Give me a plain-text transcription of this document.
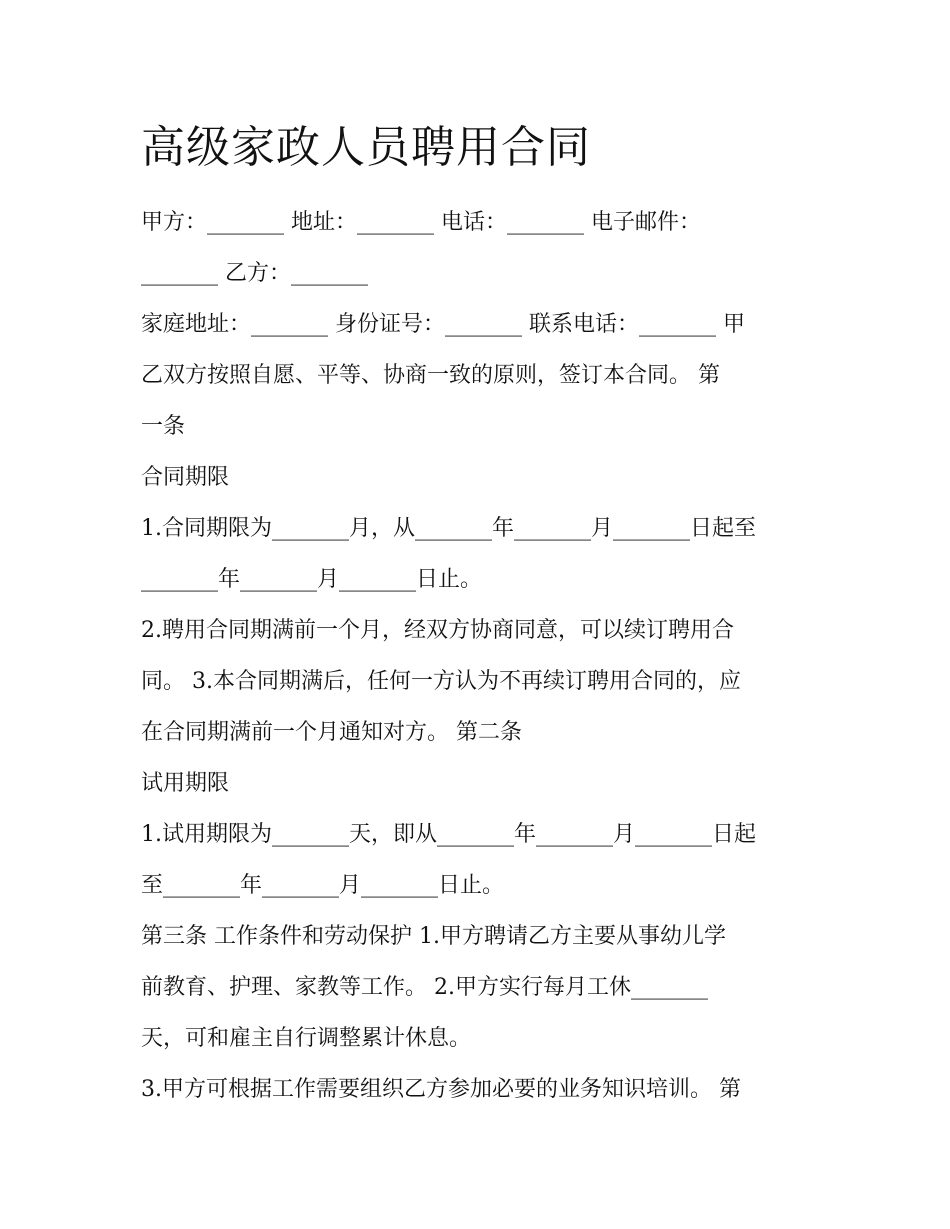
高级家政人员聘用合同
甲方：_______ 地址：_______ 电话：_______ 电子邮件：
_______ 乙方：_______
家庭地址：_______ 身份证号：_______ 联系电话：_______ 甲
乙双方按照自愿、平等、协商一致的原则，签订本合同。 第
一条
合同期限
1.合同期限为_______月，从_______年_______月_______日起至
_______年_______月_______日止。
2.聘用合同期满前一个月，经双方协商同意，可以续订聘用合
同。 3.本合同期满后，任何一方认为不再续订聘用合同的，应
在合同期满前一个月通知对方。 第二条
试用期限
1.试用期限为_______天，即从_______年_______月_______日起
至_______年_______月_______日止。
第三条 工作条件和劳动保护 1.甲方聘请乙方主要从事幼儿学
前教育、护理、家教等工作。 2.甲方实行每月工休_______
天，可和雇主自行调整累计休息。
3.甲方可根据工作需要组织乙方参加必要的业务知识培训。 第
